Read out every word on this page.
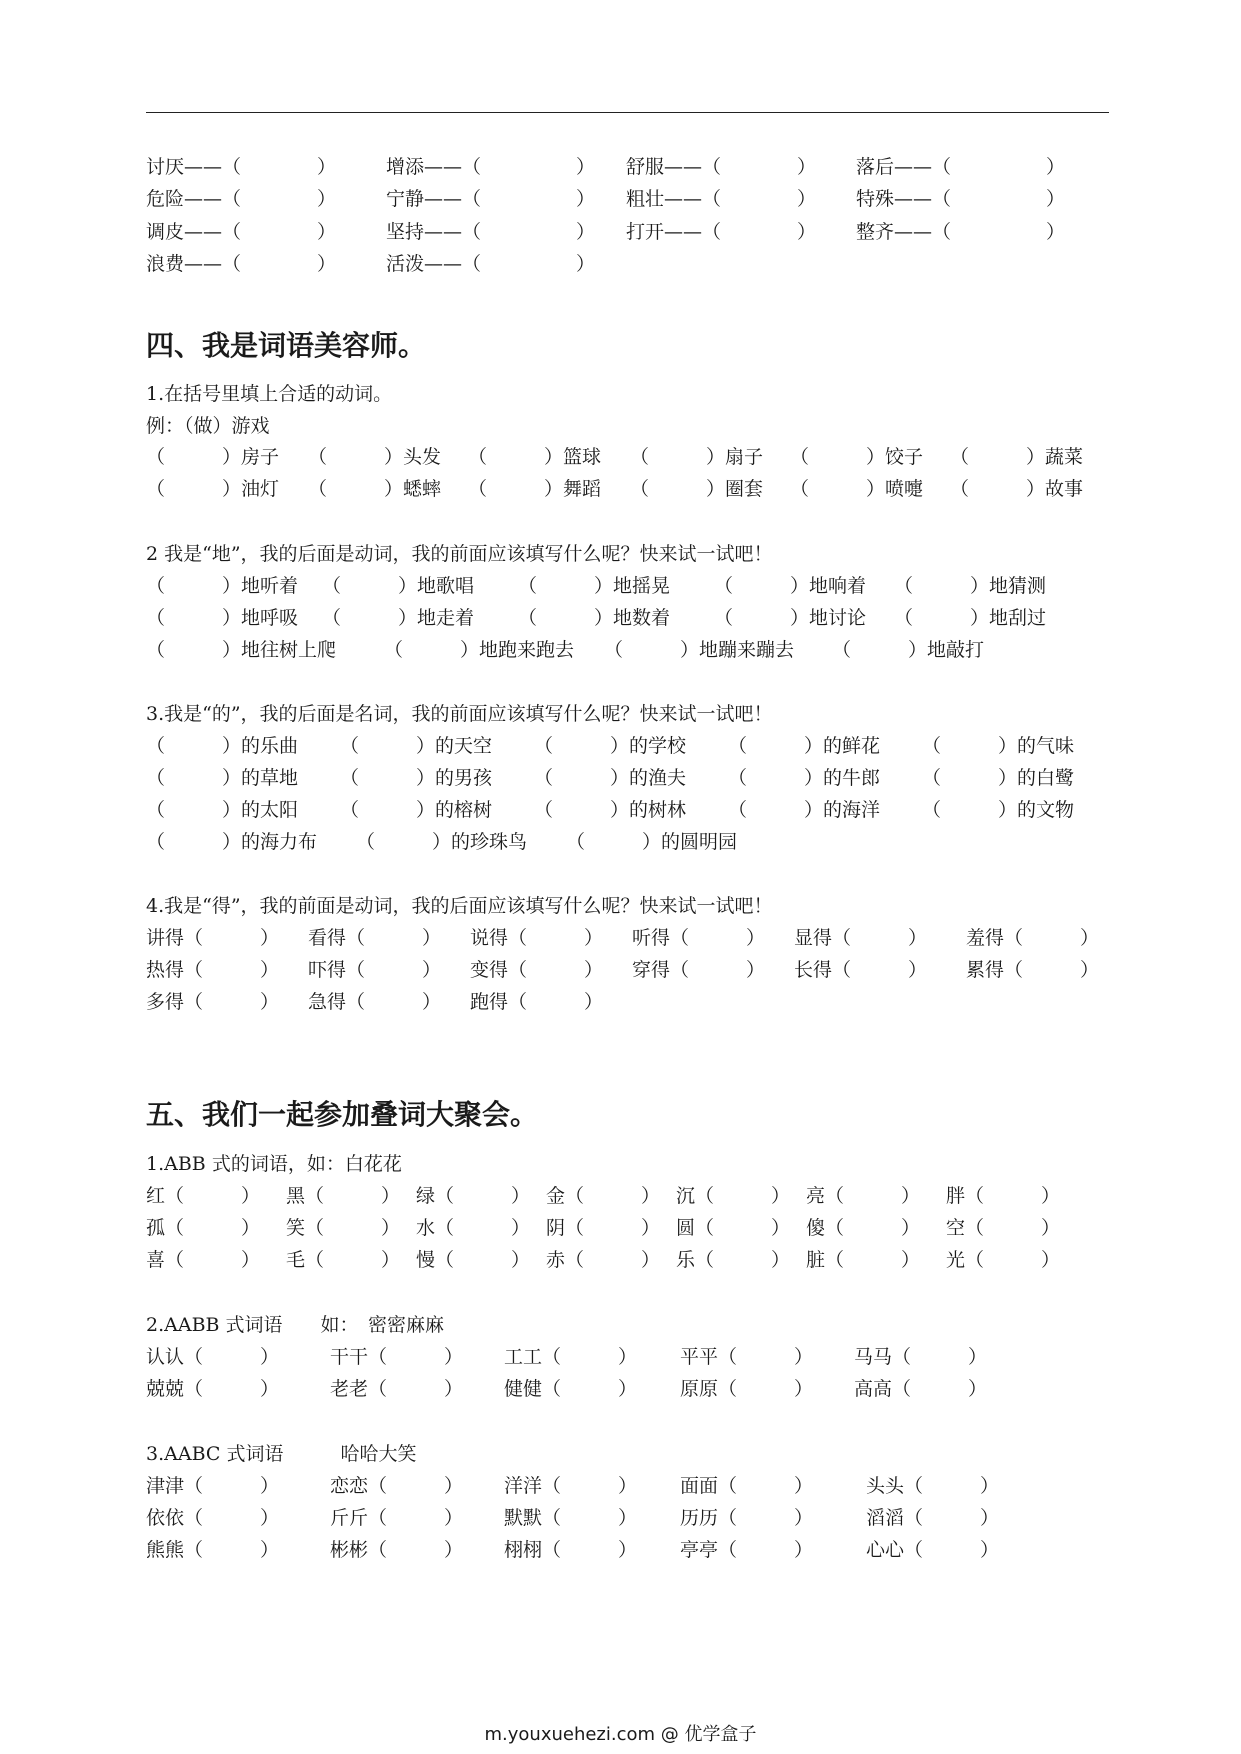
讨厌——（　　　　）	增添——（　　　　　） 舒服——（　　　　） 落后——（　　　　　）
危险——（　　　　）	宁静——（　　　　　） 粗壮——（　　　　） 特殊——（　　　　　）
调皮——（　　　　）	坚持——（　　　　　） 打开——（　　　　） 整齐——（　　　　　）
浪费——（　　　　）	活泼——（　　　　　）
四、我是词语美容师。
1.在括号里填上合适的动词。
例：（做）游戏
（　　　）房子 （　　　）头发 （　　　）篮球 （　　　）扇子 （　　　）饺子 （　　　）蔬菜
（　　　）油灯 （　　　）蟋蟀 （　　　）舞蹈 （　　　）圈套 （　　　）喷嚏 （　　　）故事
2 我是“地”，我的后面是动词，我的前面应该填写什么呢？快来试一试吧！
（　　　）地听着 （　　　）地歌唱 （　　　）地摇晃 （　　　）地响着 （　　　）地猜测
（　　　）地呼吸 （　　　）地走着 （　　　）地数着 （　　　）地讨论 （　　　）地刮过
（　　　）地往树上爬	（　　　）地跑来跑去 （　　　）地蹦来蹦去 （　　　）地敲打
3.我是“的”，我的后面是名词，我的前面应该填写什么呢？快来试一试吧！
（　　　）的乐曲 （　　　）的天空 （　　　）的学校 （　　　）的鲜花 （　　　）的气味
（　　　）的草地 （　　　）的男孩 （　　　）的渔夫 （　　　）的牛郎 （　　　）的白鹭
（　　　）的太阳 （　　　）的榕树 （　　　）的树林 （　　　）的海洋 （　　　）的文物
（　　　）的海力布 （　　　）的珍珠鸟 （　　　）的圆明园
4.我是“得”，我的前面是动词，我的后面应该填写什么呢？快来试一试吧！
讲得（　　　） 看得（　　　） 说得（　　　） 听得（　　　） 显得（　　　） 羞得（　　　）
热得（　　　） 吓得（　　　） 变得（　　　） 穿得（　　　） 长得（　　　） 累得（　　　）
多得（　　　） 急得（　　　） 跑得（　　　）
五、我们一起参加叠词大聚会。
1.ABB 式的词语，如：白花花
红（　　　） 黑（　　　） 绿（　　　） 金（　　　） 沉（　　　） 亮（　　　） 胖（　　　）
孤（　　　） 笑（　　　） 水（　　　） 阴（　　　） 圆（　　　） 傻（　　　） 空（　　　）
喜（　　　） 毛（　　　） 慢（　　　） 赤（　　　） 乐（　　　） 脏（　　　） 光（　　　）
2.AABB 式词语　　如：　密密麻麻
认认（　　　）	干干（　　　） 工工（　　　） 平平（　　　） 马马（　　　）
兢兢（　　　）	老老（　　　） 健健（　　　） 原原（　　　） 高高（　　　）
3.AABC 式词语　　　哈哈大笑
津津（　　　）	恋恋（　　　） 洋洋（　　　） 面面（　　　）	头头（　　　）
依依（　　　）	斤斤（　　　） 默默（　　　） 历历（　　　）	滔滔（　　　）
熊熊（　　　）	彬彬（　　　） 栩栩（　　　） 亭亭（　　　）	心心（　　　）
m.youxuehezi.com @ 优学盒子
